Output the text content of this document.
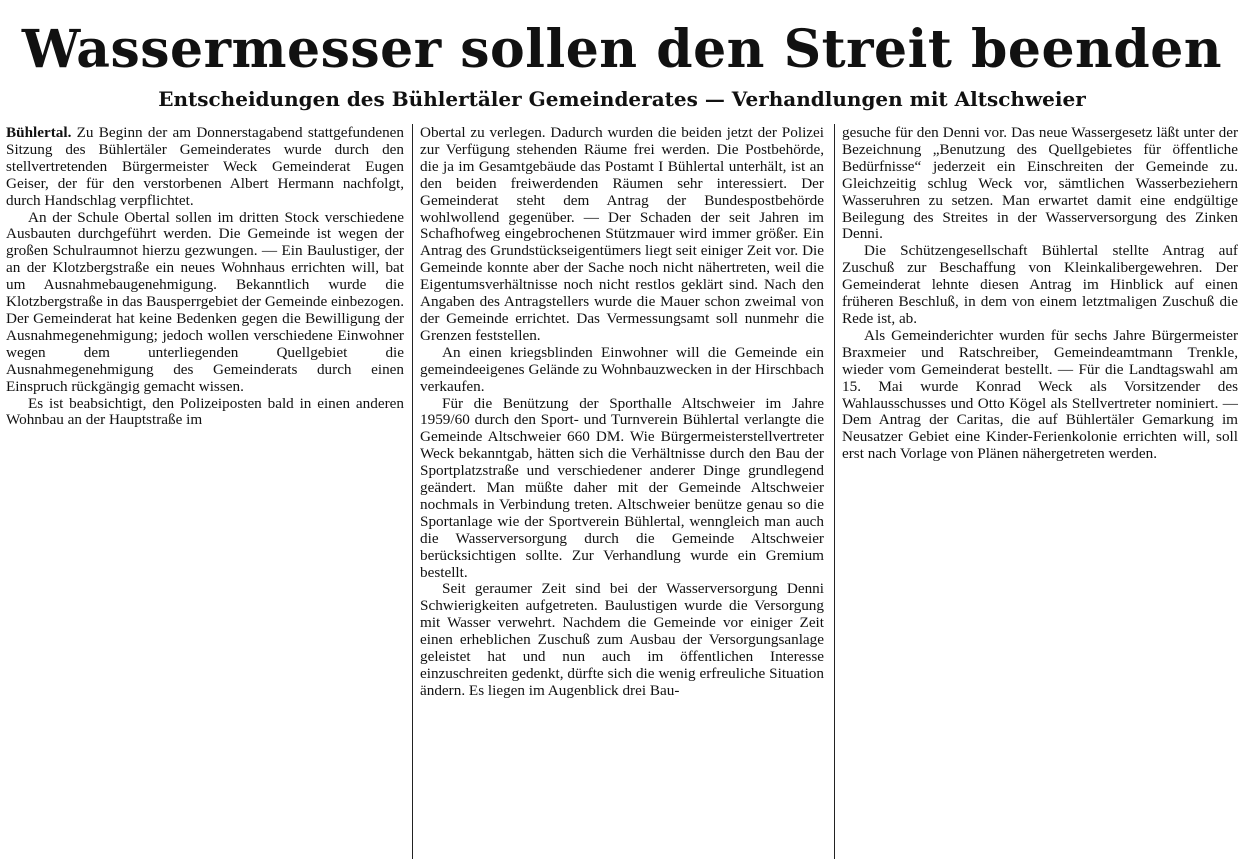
Wassermesser sollen den Streit beenden
Entscheidungen des Bühlertäler Gemeinderates — Verhandlungen mit Altschweier

Bühlertal. Zu Beginn der am Donnerstagabend stattgefundenen Sitzung des Bühlertäler Gemeinderates wurde durch den stellvertretenden Bürgermeister Weck Gemeinderat Eugen Geiser, der für den verstorbenen Albert Hermann nachfolgt, durch Handschlag verpflichtet.

An der Schule Obertal sollen im dritten Stock verschiedene Ausbauten durchgeführt werden. Die Gemeinde ist wegen der großen Schulraumnot hierzu gezwungen. — Ein Baulustiger, der an der Klotzbergstraße ein neues Wohnhaus errichten will, bat um Ausnahmebaugenehmigung. Bekanntlich wurde die Klotzbergstraße in das Bausperrgebiet der Gemeinde einbezogen. Der Gemeinderat hat keine Bedenken gegen die Bewilligung der Ausnahmegenehmigung; jedoch wollen verschiedene Einwohner wegen dem unterliegenden Quellgebiet die Ausnahmegenehmigung des Gemeinderats durch einen Einspruch rückgängig gemacht wissen.

Es ist beabsichtigt, den Polizeiposten bald in einen anderen Wohnbau an der Hauptstraße im

Obertal zu verlegen. Dadurch wurden die beiden jetzt der Polizei zur Verfügung stehenden Räume frei werden. Die Postbehörde, die ja im Gesamtgebäude das Postamt I Bühlertal unterhält, ist an den beiden freiwerdenden Räumen sehr interessiert. Der Gemeinderat steht dem Antrag der Bundespostbehörde wohlwollend gegenüber. — Der Schaden der seit Jahren im Schafhofweg eingebrochenen Stützmauer wird immer größer. Ein Antrag des Grundstückseigentümers liegt seit einiger Zeit vor. Die Gemeinde konnte aber der Sache noch nicht nähertreten, weil die Eigentumsverhältnisse noch nicht restlos geklärt sind. Nach den Angaben des Antragstellers wurde die Mauer schon zweimal von der Gemeinde errichtet. Das Vermessungsamt soll nunmehr die Grenzen feststellen.

An einen kriegsblinden Einwohner will die Gemeinde ein gemeindeeigenes Gelände zu Wohnbauzwecken in der Hirschbach verkaufen.

Für die Benützung der Sporthalle Altschweier im Jahre 1959/60 durch den Sport- und Turnverein Bühlertal verlangte die Gemeinde Altschweier 660 DM. Wie Bürgermeisterstellvertreter Weck bekanntgab, hätten sich die Verhältnisse durch den Bau der Sportplatzstraße und verschiedener anderer Dinge grundlegend geändert. Man müßte daher mit der Gemeinde Altschweier nochmals in Verbindung treten. Altschweier benütze genau so die Sportanlage wie der Sportverein Bühlertal, wenngleich man auch die Wasserversorgung durch die Gemeinde Altschweier berücksichtigen sollte. Zur Verhandlung wurde ein Gremium bestellt.

Seit geraumer Zeit sind bei der Wasserversorgung Denni Schwierigkeiten aufgetreten. Baulustigen wurde die Versorgung mit Wasser verwehrt. Nachdem die Gemeinde vor einiger Zeit einen erheblichen Zuschuß zum Ausbau der Versorgungsanlage geleistet hat und nun auch im öffentlichen Interesse einzuschreiten gedenkt, dürfte sich die wenig erfreuliche Situation ändern. Es liegen im Augenblick drei Bau-

gesuche für den Denni vor. Das neue Wassergesetz läßt unter der Bezeichnung „Benutzung des Quellgebietes für öffentliche Bedürfnisse“ jederzeit ein Einschreiten der Gemeinde zu. Gleichzeitig schlug Weck vor, sämtlichen Wasserbeziehern Wasseruhren zu setzen. Man erwartet damit eine endgültige Beilegung des Streites in der Wasserversorgung des Zinken Denni.

Die Schützengesellschaft Bühlertal stellte Antrag auf Zuschuß zur Beschaffung von Kleinkalibergewehren. Der Gemeinderat lehnte diesen Antrag im Hinblick auf einen früheren Beschluß, in dem von einem letztmaligen Zuschuß die Rede ist, ab.

Als Gemeinderichter wurden für sechs Jahre Bürgermeister Braxmeier und Ratschreiber, Gemeindeamtmann Trenkle, wieder vom Gemeinderat bestellt. — Für die Landtagswahl am 15. Mai wurde Konrad Weck als Vorsitzender des Wahlausschusses und Otto Kögel als Stellvertreter nominiert. — Dem Antrag der Caritas, die auf Bühlertäler Gemarkung im Neusatzer Gebiet eine Kinder-Ferienkolonie errichten will, soll erst nach Vorlage von Plänen nähergetreten werden.
